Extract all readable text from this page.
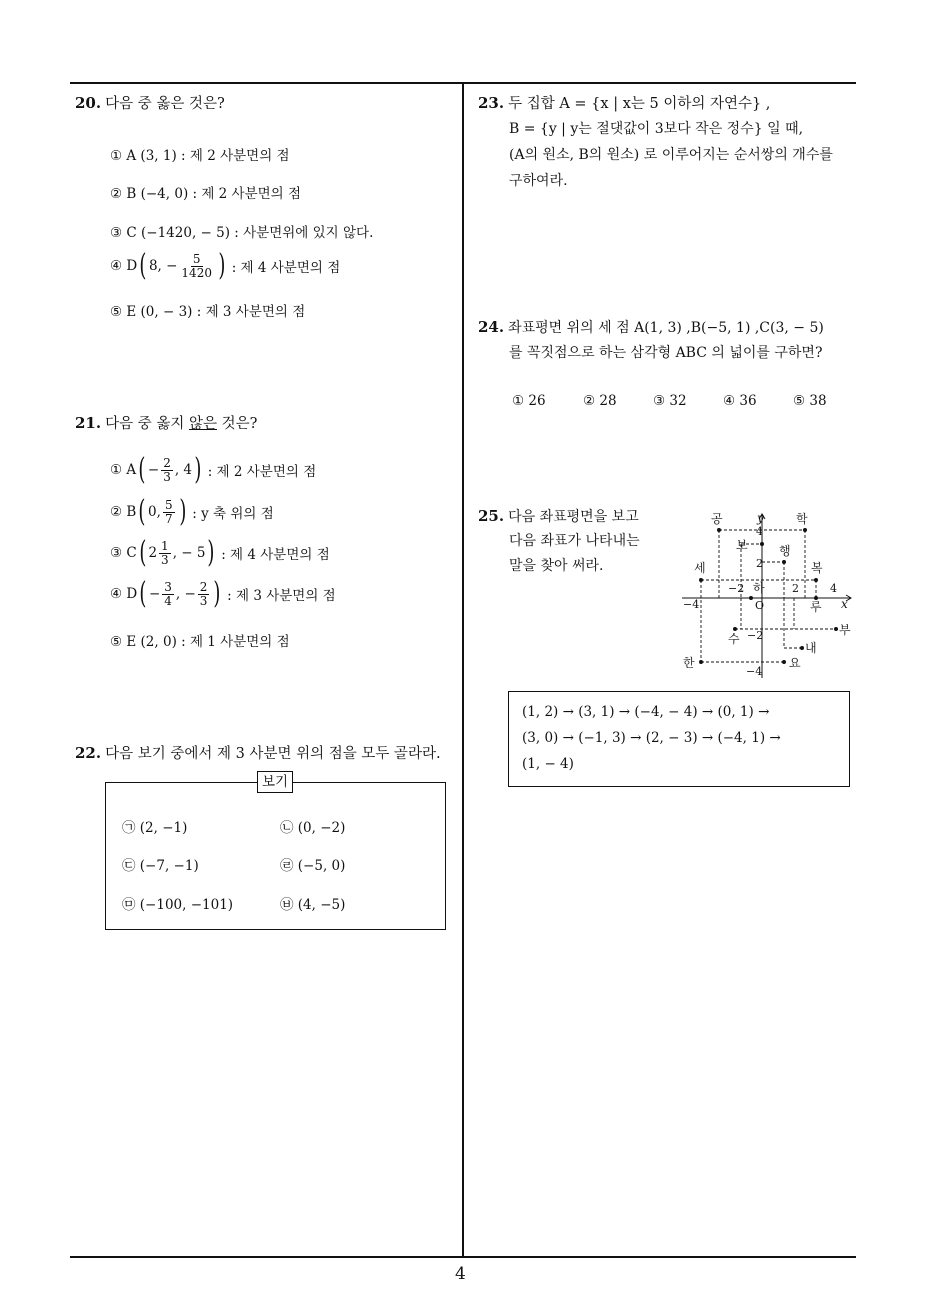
4
20. 다음 중 옳은 것은?
① A (3, 1) : 제 2 사분면의 점
② B (−4, 0) : 제 2 사분면의 점
③ C (−1420, − 5) : 사분면위에 있지 않다.
④ D ( 8, − $\frac{5}{1420}$ ) : 제 4 사분면의 점
⑤ E (0, − 3) : 제 3 사분면의 점
21. 다음 중 옳지 않은 것은?
① A ( − $\frac{2}{3}$ , 4 ) : 제 2 사분면의 점
② B ( 0, $\frac{5}{7}$ ) : y 축 위의 점
③ C ( $2 \frac{1}{3}$ , − 5 ) : 제 4 사분면의 점
④ D ( − $\frac{3}{4}$ , − $\frac{2}{3}$ ) : 제 3 사분면의 점
⑤ E (2, 0) : 제 1 사분면의 점
22. 다음 보기 중에서 제 3 사분면 위의 점을 모두 골라라.
보기
㉠ (2, −1)	㉡ (0, −2)
㉢ (−7, −1)	㉣ (−5, 0)
㉤ (−100, −101)	㉥ (4, −5)
23. 두 집합 A = {x | x는 5 이하의 자연수} ,
B = {y | y는 절댓값이 3보다 작은 정수} 일 때,
(A의 원소, B의 원소) 로 이루어지는 순서쌍의 개수를
구하여라.
24. 좌표평면 위의 세 점 A(1, 3) ,B(−5, 1) ,C(3, − 5)
를 꼭짓점으로 하는 삼각형 ABC 의 넓이를 구하면?
① 26	② 28	③ 32	④ 36	⑤ 38
25. 다음 좌표평면을 보고
다음 좌표가 나타내는
말을 찾아 써라.
공	학
y
4
보	행
2
세	복
−2 하 2	4
−4	O	루 x
부
수 −2
내
한	요
−4
(1, 2) → (3, 1) → (−4, − 4) → (0, 1) →
(3, 0) → (−1, 3) → (2, − 3) → (−4, 1) →
(1, − 4)
